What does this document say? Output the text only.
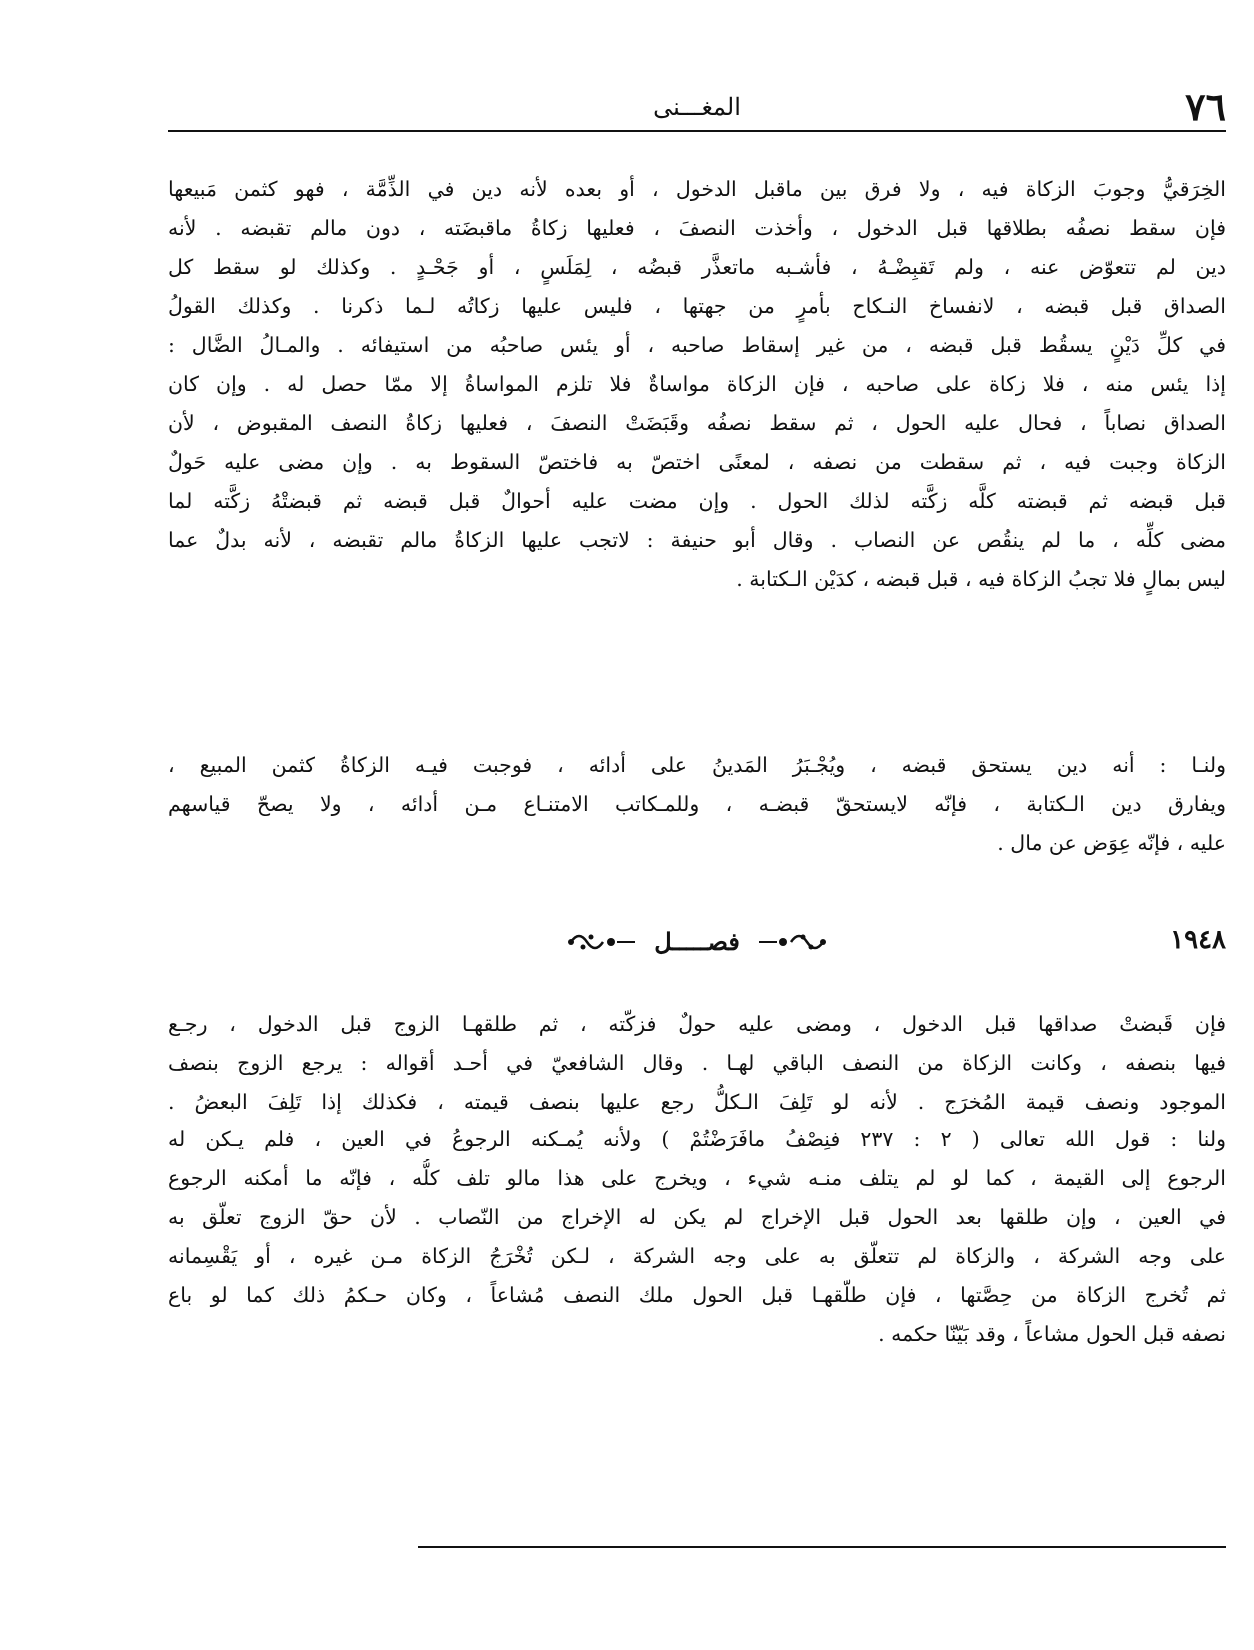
٧٦
المغـــنى
الخِرَقيُّ وجوبَ الزكاة فيه ، ولا فرق بين ماقبل الدخول ، أو بعده لأنه دين في الذِّمَّة ، فهو كثمن مَبيعها
فإن سقط نصفُه بطلاقها قبل الدخول ، وأخذت النصفَ ، فعليها زكاةُ ماقبضَته ، دون مالم تقبضه . لأنه
دين لم تتعوّض عنه ، ولم تَقبِضْـهُ ، فأشـبه ماتعذَّر قبضُه ، لِمَلَسٍ ، أو جَحْـدٍ . وكذلك لو سقط كل
الصداق قبل قبضه ، لانفساخ النـكاح بأمرٍ من جهتها ، فليس عليها زكاتُه لـما ذكرنا . وكذلك القولُ
في كلِّ دَيْنٍ يسقُط قبل قبضه ، من غير إسقاط صاحبه ، أو يئس صاحبُه من استيفائه . والمـالُ الضَّال :
إذا يئس منه ، فلا زكاة على صاحبه ، فإن الزكاة مواساةٌ فلا تلزم المواساةُ إلا ممّا حصل له . وإن كان
الصداق نصاباً ، فحال عليه الحول ، ثم سقط نصفُه وقَبَضَتْ النصفَ ، فعليها زكاةُ النصف المقبوض ، لأن
الزكاة وجبت فيه ، ثم سقطت من نصفه ، لمعنًى اختصّ به فاختصّ السقوط به . وإن مضى عليه حَولٌ
قبل قبضه ثم قبضته كلَّه زكَّته لذلك الحول . وإن مضت عليه أحوالٌ قبل قبضه ثم قبضتْهُ زكَّته لما
مضى كلِّه ، ما لم ينقُص عن النصاب . وقال أبو حنيفة : لاتجب عليها الزكاةُ مالم تقبضه ، لأنه بدلٌ عما
ليس بمالٍ فلا تجبُ الزكاة فيه ، قبل قبضه ، كدَيْن الـكتابة .
ولنـا : أنه دين يستحق قبضه ، ويُجْـبَرُ المَدينُ على أدائه ، فوجبت فيـه الزكاةُ كثمن المبيع ،
ويفارق دين الـكتابة ، فإنّه لايستحقّ قبضـه ، وللمـكاتب الامتنـاع مـن أدائه ، ولا يصحّ قياسهم
عليه ، فإنّه عِوَض عن مال .
١٩٤٨
فصـــــل
فإن قَبضتْ صداقها قبل الدخول ، ومضى عليه حولٌ فزكّته ، ثم طلقهـا الزوج قبل الدخول ، رجـع
فيها بنصفه ، وكانت الزكاة من النصف الباقي لهـا . وقال الشافعيّ في أحـد أقواله : يرجع الزوج بنصف
الموجود ونصف قيمة المُخرَج . لأنه لو تَلِفَ الـكلُّ رجع عليها بنصف قيمته ، فكذلك إذا تَلِفَ البعضُ .
ولنا : قول الله تعالى ( ٢ : ٢٣٧ فنِصْفُ مافَرَضْتُمْ ) ولأنه يُمـكنه الرجوعُ في العين ، فلم يـكن له
الرجوع إلى القيمة ، كما لو لم يتلف منـه شيء ، ويخرج على هذا مالو تلف كلُّه ، فإنّه ما أمكنه الرجوع
في العين ، وإن طلقها بعد الحول قبل الإخراج لم يكن له الإخراج من النّصاب . لأن حقّ الزوج تعلّق به
على وجه الشركة ، والزكاة لم تتعلّق به على وجه الشركة ، لـكن تُخْرَجُ الزكاة مـن غيره ، أو يَقْسِمانه
ثم تُخرج الزكاة من حِصَّتها ، فإن طلّقهـا قبل الحول ملك النصف مُشاعاً ، وكان حـكمُ ذلك كما لو باع
نصفه قبل الحول مشاعاً ، وقد بَيّنّا حكمه .
